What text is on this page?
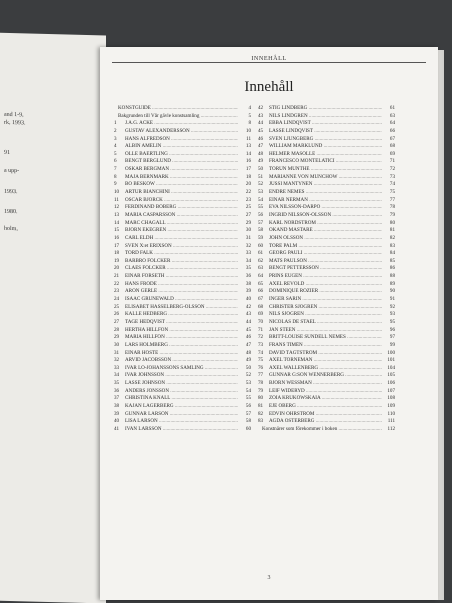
and 1-9,
rk, 1993.
91
a upp-
1993.
1980.
holm,
INNEHÅLL
Innehåll
KONSTGUIDE .....	4
Bakgrunden till Vår gävle konstsamling .....	5
1	J.A.G. ACKE .....	8
2	GUSTAV ALEXANDERSSON .....	10
3	HANS ALFREDSON .....	11
4	ALBIN AMELIN .....	13
5	OLLE BAERTLING .....	14
6	BENGT BERGLUND .....	16
7	OSKAR BERGMAN .....	17
8	MAJA BERNMARK .....	18
9	BO BESKOW .....	20
10	ARTUR BIANCHINI .....	22
11	OSCAR BJÖRCK .....	23
12	FERDINAND BOBERG .....	25
13	MARIA CASPARSSON .....	27
14	MARC CHAGALL .....	29
15	BJÖRN EKEGREN .....	30
16	CARL ELDH .....	31
17	SVEN X:et ERIXSON .....	32
18	TORD FALK .....	33
19	BARBRO FOLCKER .....	34
20	CLAES FOLCKER .....	35
21	EINAR FORSETH .....	36
22	HANS FRODE .....	38
23	ARON GERLE .....	39
24	ISAAC GRÜNEWALD .....	40
25	ELISABET HASSELBERG-OLSSON .....	42
26	KALLE HEDBERG .....	43
27	TAGE HEDQVIST .....	44
28	HERTHA HILLFON .....	45
29	MARIA HILLFON .....	46
30	LARS HOLMBERG .....	47
31	EINAR HÖSTE .....	48
32	ARVID JACOBSSON .....	49
33	IVAR LO-JOHANSSONS SAMLING .....	50
34	IVAR JOHNSSON .....	52
35	LASSE JOHNSON .....	53
36	ANDERS JÖNSSON .....	54
37	CHRISTINA KNALL .....	55
38	KAJAN LAGERBERG .....	56
39	GUNNAR LARSON .....	57
40	LISA LARSON .....	58
41	IVAN LARSSON .....	60
42	STIG LINDBERG .....	61
43	NILS LINDGREN .....	63
44	EBBA LINDQVIST .....	64
45	LASSE LINDQVIST .....	66
46	SVEN LJUNGBERG .....	67
47	WILLIAM MARKLUND .....	68
48	HELMER MASOLLE .....	69
49	FRANCESCO MONTELATICI .....	71
50	TORUN MUNTHE .....	72
51	MARIANNE VON MÜNCHOW .....	73
52	JUSSI MÄNTYNEN .....	74
53	ENDRE NEMES .....	75
54	EINAR NERMAN .....	77
55	EVA NILSSON-DARPÖ .....	78
56	INGRID NILSSON-OLSSON .....	79
57	KARL NORDSTRÖM .....	80
58	OKÄND MÄSTARE .....	81
59	JOHN OLSSON .....	82
60	TORE PALM .....	83
61	GEORG PAULI .....	84
62	MATS PAULSON .....	85
63	BENGT PETTERSSON .....	86
64	PRINS EUGEN .....	88
65	AXEL REVOLD .....	89
66	DOMINIQUE ROZIER .....	90
67	INGER SARIN .....	91
68	CHRISTER SJÖGREN .....	92
69	NILS SJÖGREN .....	93
70	NICOLAS DE STAËL .....	95
71	JAN STEEN .....	96
72	BRITT-LOUISE SUNDELL NEMES .....	97
73	FRANS TIMÉN .....	99
74	DAVID TÄGTSTRÖM .....	100
75	AXEL TÖRNEMAN .....	101
76	AXEL WALLENBERG .....	104
77	GUNNAR G:SON WENNERBERG .....	105
78	BJÖRN WESSMAN .....	106
79	LEIF WIDERYD .....	107
80	ZOIA KRUKOWSKAIA .....	108
81	EJE ÖBERG .....	109
82	EDVIN ÖHRSTRÖM .....	110
83	AGDA ÖSTERBERG .....	111
Konstnärer som förekommer i boken .....	112
3
